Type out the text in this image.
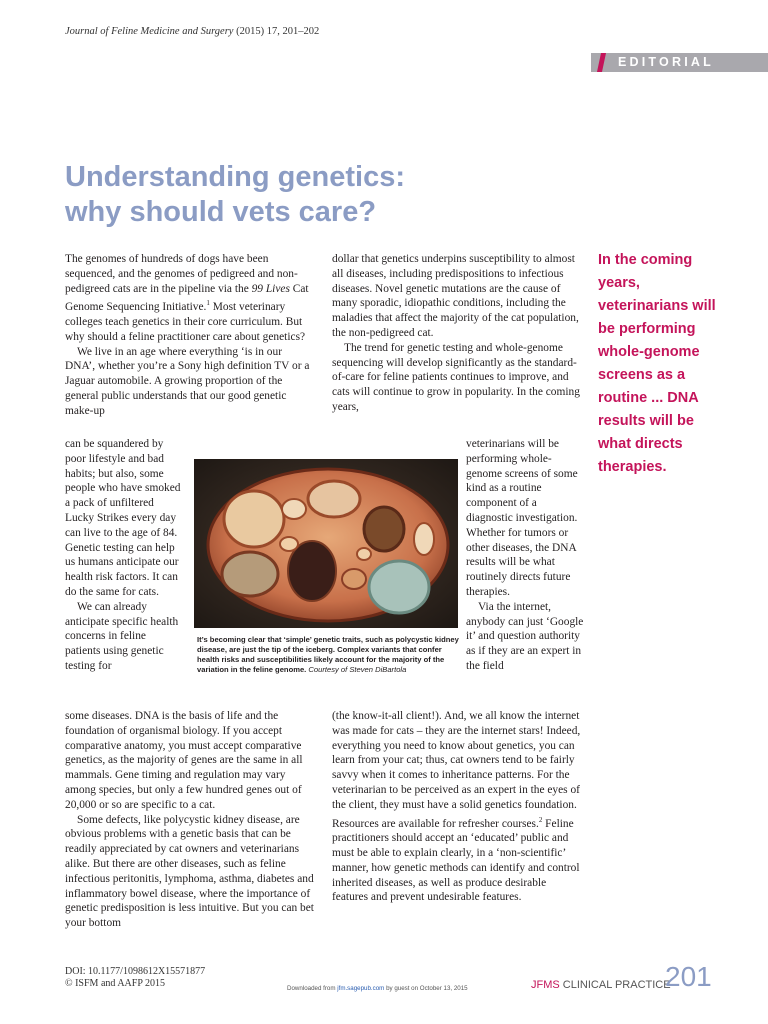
Journal of Feline Medicine and Surgery (2015) 17, 201–202
EDITORIAL
Understanding genetics:
why should vets care?

The genomes of hundreds of dogs have been sequenced, and the genomes of pedigreed and non-pedigreed cats are in the pipeline via the 99 Lives Cat Genome Sequencing Initiative.$^1$ Most veterinary colleges teach genetics in their core curriculum. But why should a feline practitioner care about genetics?

We live in an age where everything ‘is in our DNA’, whether you’re a Sony high definition TV or a Jaguar automobile. A growing proportion of the general public understands that our good genetic make-up

can be squandered by poor lifestyle and bad habits; but also, some people who have smoked a pack of unfiltered Lucky Strikes every day can live to the age of 84. Genetic testing can help us humans anticipate our health risk factors. It can do the same for cats.

We can already anticipate specific health concerns in feline patients using genetic testing for

some diseases. DNA is the basis of life and the foundation of organismal biology. If you accept comparative anatomy, you must accept comparative genetics, as the majority of genes are the same in all mammals. Gene timing and regulation may vary among species, but only a few hundred genes out of 20,000 or so are specific to a cat.

Some defects, like polycystic kidney disease, are obvious problems with a genetic basis that can be readily appreciated by cat owners and veterinarians alike. But there are other diseases, such as feline infectious peritonitis, lymphoma, asthma, diabetes and inflammatory bowel disease, where the importance of genetic predisposition is less intuitive. But you can bet your bottom

dollar that genetics underpins susceptibility to almost all diseases, including predispositions to infectious diseases. Novel genetic mutations are the cause of many sporadic, idiopathic conditions, including the maladies that affect the majority of the cat population, the non-pedigreed cat.

The trend for genetic testing and whole-genome sequencing will develop significantly as the standard-of-care for feline patients continues to improve, and cats will continue to grow in popularity. In the coming years,

veterinarians will be performing whole-genome screens of some kind as a routine component of a diagnostic investigation. Whether for tumors or other diseases, the DNA results will be what routinely directs future therapies.

Via the internet, anybody can just ‘Google it’ and question authority as if they are an expert in the field

(the know-it-all client!). And, we all know the internet was made for cats – they are the internet stars! Indeed, everything you need to know about genetics, you can learn from your cat; thus, cat owners tend to be fairly savvy when it comes to inheritance patterns. For the veterinarian to be perceived as an expert in the eyes of the client, they must have a solid genetics foundation. Resources are available for refresher courses.$^2$ Feline practitioners should accept an ‘educated’ public and must be able to explain clearly, in a ‘non-scientific’ manner, how genetic methods can identify and control inherited diseases, as well as produce desirable features and prevent undesirable features.

In the coming years, veterinarians will be performing whole-genome screens as a routine ... DNA results will be what directs therapies.
It’s becoming clear that ‘simple’ genetic traits, such as polycystic kidney disease, are just the tip of the iceberg. Complex variants that confer health risks and susceptibilities likely account for the majority of the variation in the feline genome. Courtesy of Steven DiBartola
DOI: 10.1177/1098612X15571877
© ISFM and AAFP 2015	Downloaded from jfm.sagepub.com by guest on October 13, 2015	JFMS CLINICAL PRACTICE
201
